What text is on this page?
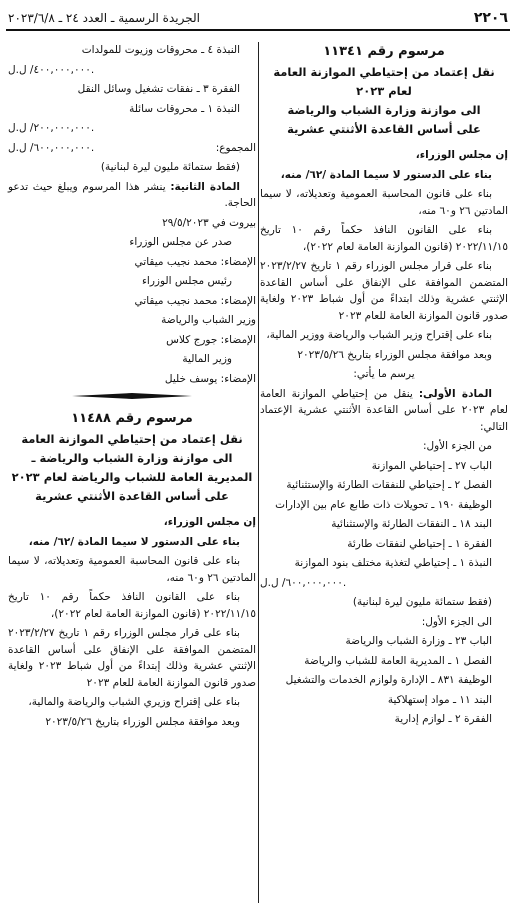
٢٢٠٦
الجريدة الرسمية ـ العدد ٢٤ ـ ٢٠٢٣/٦/٨

مرسوم رقم ١١٣٤١

نقل إعتماد من إحتياطي الموازنة العامة

لعام ٢٠٢٣

الى موازنة وزارة الشباب والرياضة

على أساس القاعدة الأثنتي عشرية

إن مجلس الوزراء،

بناء على الدستور لا سيما المادة /٦٢/ منه،

بناء على قانون المحاسبة العمومية وتعديلاته، لا سيما المادتين ٢٦ و٦٠ منه،

بناء على القانون النافذ حكماً رقم ١٠ تاريخ ٢٠٢٢/١١/١٥ (قانون الموازنة العامة لعام ٢٠٢٢)،

بناء على قرار مجلس الوزراء رقم ١ تاريخ ٢٠٢٣/٢/٢٧ المتضمن الموافقة على الإنفاق على أساس القاعدة الإثنتي عشرية وذلك ابتداءً من أول شباط ٢٠٢٣ ولغاية صدور قانون الموازنة العامة للعام ٢٠٢٣

بناء على إقتراح وزير الشباب والرياضة ووزير المالية،

وبعد موافقة مجلس الوزراء بتاريخ ٢٠٢٣/٥/٢٦

يرسم ما يأتي:

المادة الأولى: ينقل من إحتياطي الموازنة العامة لعام ٢٠٢٣ على أساس القاعدة الأثنتي عشرية الإعتماد التالي:

من الجزء الأول:

الباب ٢٧ ـ إحتياطي الموازنة

الفصل ٢ ـ إحتياطي للنفقات الطارئة والإستثنائية

الوظيفة ١٩٠ ـ تحويلات ذات طابع عام بين الإدارات

البند ١٨ ـ النفقات الطارئة والإستثنائية

الفقرة ١ ـ إحتياطي لنفقات طارئة

النبذة ١ ـ إحتياطي لتغذية مختلف بنود الموازنة

٦٠٠,٠٠٠,٠٠٠/ ل.ل.

(فقط ستمائة مليون ليرة لبنانية)

الى الجزء الأول:

الباب ٢٣ ـ وزارة الشباب والرياضة

الفصل ١ ـ المديرية العامة للشباب والرياضة

الوظيفة ٨٣١ ـ الإدارة ولوازم الخدمات والتشغيل

البند ١١ ـ مواد إستهلاكية

الفقرة ٢ ـ لوازم إدارية

النبذة ٤ ـ محروقات وزيوت للمولدات

٤٠٠,٠٠٠,٠٠٠/ ل.ل.

الفقرة ٣ ـ نفقات تشغيل وسائل النقل

النبذة ١ ـ محروقات سائلة

٢٠٠,٠٠٠,٠٠٠/ ل.ل.

المجموع:
٦٠٠,٠٠٠,٠٠٠/ ل.ل.

(فقط ستمائة مليون ليرة لبنانية)

المادة الثانية: ينشر هذا المرسوم ويبلغ حيث تدعو الحاجة.

بيروت في ٢٩/٥/٢٠٢٣

صدر عن مجلس الوزراء

الإمضاء: محمد نجيب ميقاتي

رئيس مجلس الوزراء

الإمضاء: محمد نجيب ميقاتي

وزير الشباب والرياضة

الإمضاء: جورج كلاس

وزير المالية

الإمضاء: يوسف خليل

مرسوم رقم ١١٤٨٨

نقل إعتماد من إحتياطي الموازنة العامة

الى موازنة وزارة الشباب والرياضة ـ

المديرية العامة للشباب والرياضة لعام ٢٠٢٣

على أساس القاعدة الأثنتي عشرية

إن مجلس الوزراء،

بناء على الدستور لا سيما المادة /٦٢/ منه،

بناء على قانون المحاسبة العمومية وتعديلاته، لا سيما المادتين ٢٦ و٦٠ منه،

بناء على القانون النافذ حكماً رقم ١٠ تاريخ ٢٠٢٢/١١/١٥ (قانون الموازنة العامة لعام ٢٠٢٢)،

بناء على قرار مجلس الوزراء رقم ١ تاريخ ٢٠٢٣/٢/٢٧ المتضمن الموافقة على الإنفاق على أساس القاعدة الإثنتي عشرية وذلك إبتداءً من أول شباط ٢٠٢٣ ولغاية صدور قانون الموازنة العامة للعام ٢٠٢٣

بناء على إقتراح وزيري الشباب والرياضة والمالية،

وبعد موافقة مجلس الوزراء بتاريخ ٢٠٢٣/٥/٢٦
